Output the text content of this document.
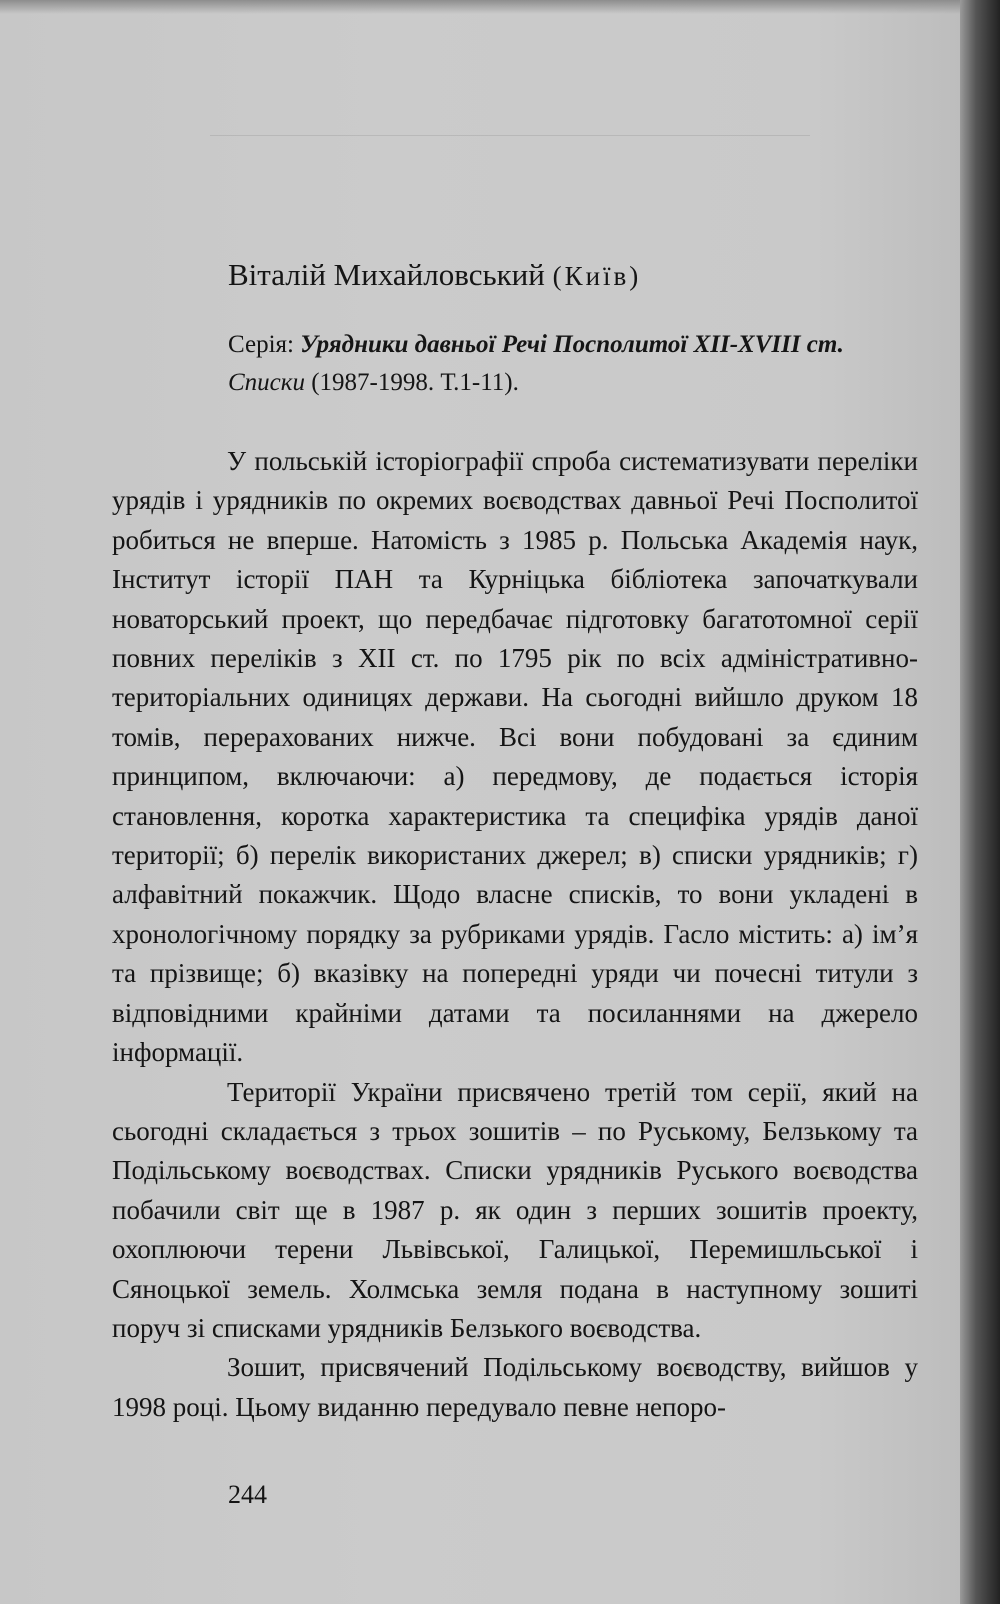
Віталій Михайловський (Київ)

Серія: Урядники давньої Речі Посполитої XII-XVIII ст. Списки (1987-1998. Т.1-11).

У польській історіографії спроба систематизувати переліки урядів і урядників по окремих воєводствах давньої Речі Посполитої робиться не вперше. Натомість з 1985 р. Польська Академія наук, Інститут історії ПАН та Курніцька бібліотека започаткували новаторський проект, що передбачає підготовку багатотомної серії повних переліків з XII ст. по 1795 рік по всіх адміністративно-територіальних одиницях держави. На сьогодні вийшло друком 18 томів, перерахованих нижче. Всі вони побудовані за єдиним принципом, включаючи: а) передмову, де подається історія становлення, коротка характеристика та специфіка урядів даної території; б) перелік використаних джерел; в) списки урядників; г) алфавітний покажчик. Щодо власне списків, то вони укладені в хронологічному порядку за рубриками урядів. Гасло містить: а) ім’я та прізвище; б) вказівку на попередні уряди чи почесні титули з відповідними крайніми датами та посиланнями на джерело інформації.

Території України присвячено третій том серії, який на сьогодні складається з трьох зошитів – по Руському, Белзькому та Подільському воєводствах. Списки урядників Руського воєводства побачили світ ще в 1987 р. як один з перших зошитів проекту, охоплюючи терени Львівської, Галицької, Перемишльської і Сяноцької земель. Холмська земля подана в наступному зошиті поруч зі списками урядників Белзького воєводства.

Зошит, присвячений Подільському воєводству, вийшов у 1998 році. Цьому виданню передувало певне непоро-

244
